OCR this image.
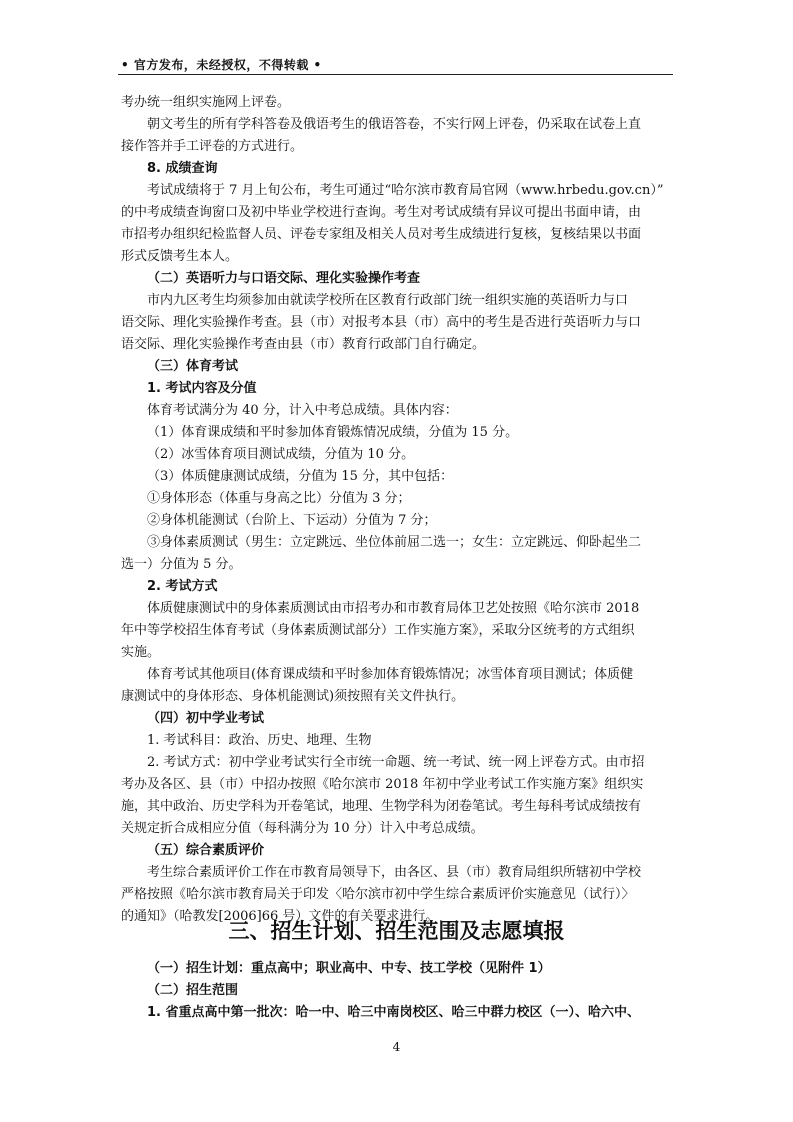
• 官方发布，未经授权，不得转载 •
考办统一组织实施网上评卷。
朝文考生的所有学科答卷及俄语考生的俄语答卷，不实行网上评卷，仍采取在试卷上直
接作答并手工评卷的方式进行。
8. 成绩查询
考试成绩将于 7 月上旬公布，考生可通过“哈尔滨市教育局官网（www.hrbedu.gov.cn）”
的中考成绩查询窗口及初中毕业学校进行查询。考生对考试成绩有异议可提出书面申请，由
市招考办组织纪检监督人员、评卷专家组及相关人员对考生成绩进行复核，复核结果以书面
形式反馈考生本人。
（二）英语听力与口语交际、理化实验操作考查
市内九区考生均须参加由就读学校所在区教育行政部门统一组织实施的英语听力与口
语交际、理化实验操作考查。县（市）对报考本县（市）高中的考生是否进行英语听力与口
语交际、理化实验操作考查由县（市）教育行政部门自行确定。
（三）体育考试
1. 考试内容及分值
体育考试满分为 40 分，计入中考总成绩。具体内容：
（1）体育课成绩和平时参加体育锻炼情况成绩，分值为 15 分。
（2）冰雪体育项目测试成绩，分值为 10 分。
（3）体质健康测试成绩，分值为 15 分，其中包括：
①身体形态（体重与身高之比）分值为 3 分；
②身体机能测试（台阶上、下运动）分值为 7 分；
③身体素质测试（男生：立定跳远、坐位体前屈二选一；女生：立定跳远、仰卧起坐二
选一）分值为 5 分。
2. 考试方式
体质健康测试中的身体素质测试由市招考办和市教育局体卫艺处按照《哈尔滨市 2018
年中等学校招生体育考试（身体素质测试部分）工作实施方案》，采取分区统考的方式组织
实施。
体育考试其他项目(体育课成绩和平时参加体育锻炼情况；冰雪体育项目测试；体质健
康测试中的身体形态、身体机能测试)须按照有关文件执行。
（四）初中学业考试
1. 考试科目：政治、历史、地理、生物
2. 考试方式：初中学业考试实行全市统一命题、统一考试、统一网上评卷方式。由市招
考办及各区、县（市）中招办按照《哈尔滨市 2018 年初中学业考试工作实施方案》组织实
施，其中政治、历史学科为开卷笔试，地理、生物学科为闭卷笔试。考生每科考试成绩按有
关规定折合成相应分值（每科满分为 10 分）计入中考总成绩。
（五）综合素质评价
考生综合素质评价工作在市教育局领导下，由各区、县（市）教育局组织所辖初中学校
严格按照《哈尔滨市教育局关于印发〈哈尔滨市初中学生综合素质评价实施意见（试行）〉
的通知》（哈教发[2006]66 号）文件的有关要求进行。
三、招生计划、招生范围及志愿填报
（一）招生计划：重点高中；职业高中、中专、技工学校（见附件 1）
（二）招生范围
1. 省重点高中第一批次：哈一中、哈三中南岗校区、哈三中群力校区（一）、哈六中、
4
